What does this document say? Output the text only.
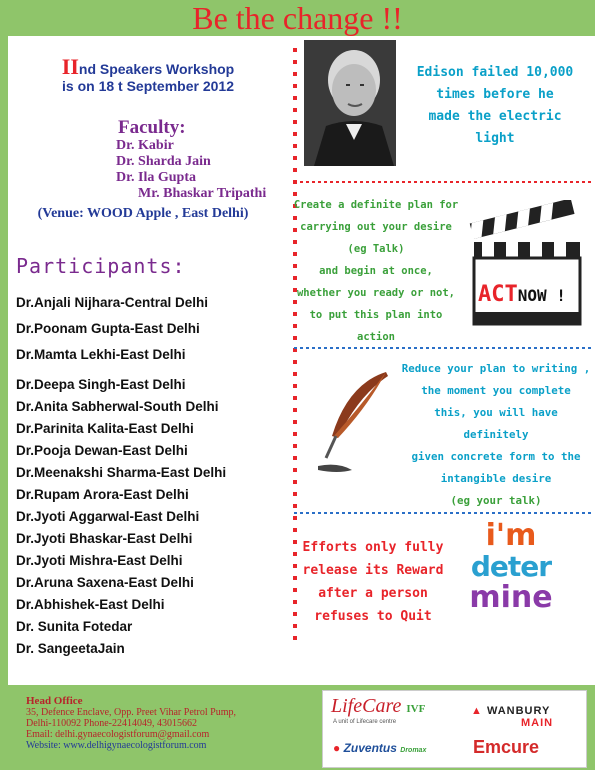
Be the change !!
IInd Speakers Workshop
is on 18 t September 2012
Faculty:
Dr. Kabir
Dr. Sharda Jain
Dr. Ila Gupta
Mr. Bhaskar Tripathi
(Venue: WOOD Apple , East Delhi)
Participants:
Dr.Anjali Nijhara-Central Delhi
Dr.Poonam Gupta-East Delhi
Dr.Mamta Lekhi-East Delhi
Dr.Deepa Singh-East Delhi
Dr.Anita Sabherwal-South Delhi
Dr.Parinita Kalita-East Delhi
Dr.Pooja Dewan-East Delhi
Dr.Meenakshi Sharma-East Delhi
Dr.Rupam Arora-East Delhi
Dr.Jyoti Aggarwal-East Delhi
Dr.Jyoti Bhaskar-East Delhi
Dr.Jyoti Mishra-East Delhi
Dr.Aruna Saxena-East Delhi
Dr.Abhishek-East Delhi
Dr. Sunita Fotedar
Dr. SangeetaJain
Edison failed 10,000
times before he
made the electric
light
Create a definite plan for
carrying out your desire
(eg Talk)
and begin at once,
whether you ready or not,
to put this plan into action
ACTNOW !
Reduce your plan to writing ,
the moment you complete
this, you will have definitely
given concrete form to the
intangible desire
(eg your talk)
Efforts only fully
release its Reward
after a person
refuses to Quit
i'm
deter
mine
Head Office
35, Defence Enclave, Opp. Preet Vihar Petrol Pump,
Delhi-110092 Phone-22414049, 43015662
Email: delhi.gynaecologistforum@gmail.com
Website: www.delhigynaecologistforum.com
LifeCare IVF
A unit of Lifecare centre
▲ WANBURY
MAIN
● Zuventus Dromax	Emcure
